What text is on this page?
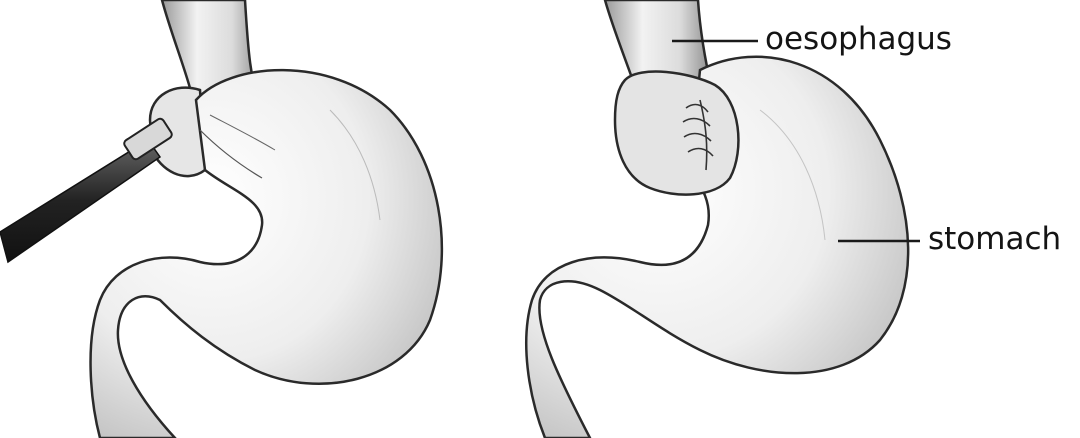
oesophagus
stomach
